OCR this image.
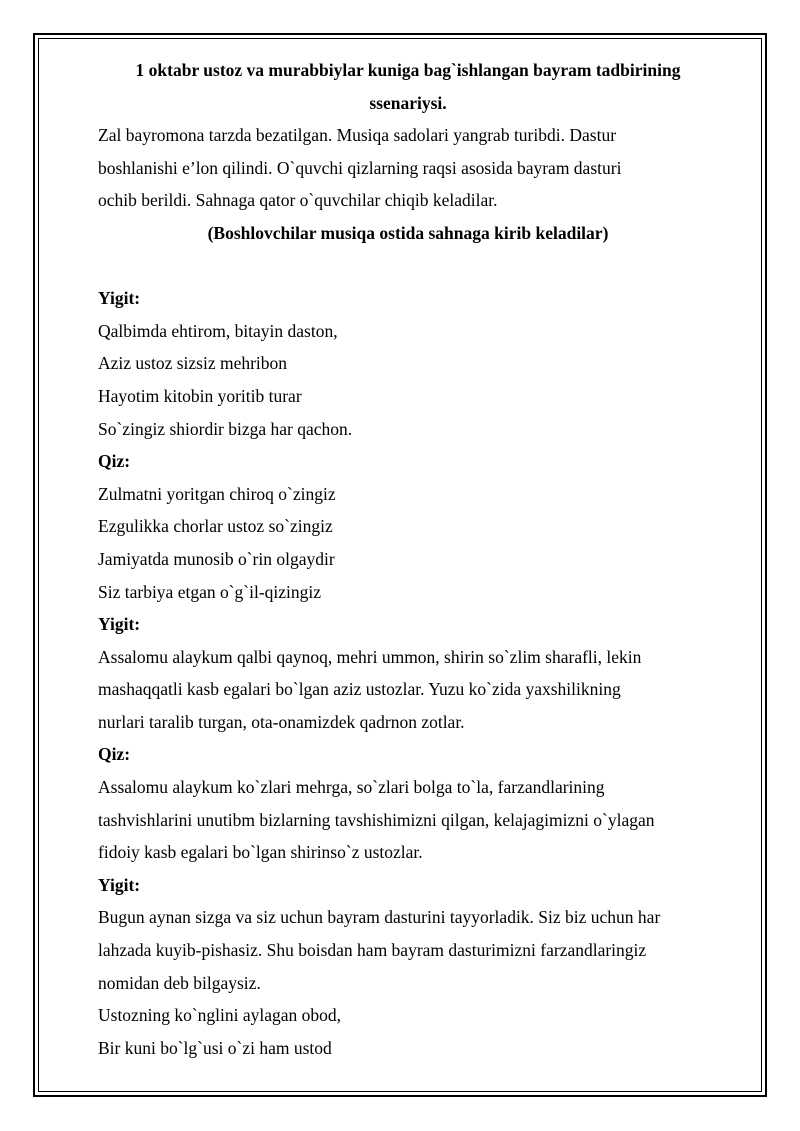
1 oktabr ustoz va murabbiylar kuniga bag`ishlangan bayram tadbirining

ssenariysi.

Zal bayromona tarzda bezatilgan. Musiqa sadolari yangrab turibdi. Dastur

boshlanishi e’lon qilindi. O`quvchi qizlarning raqsi asosida bayram dasturi

ochib berildi. Sahnaga qator o`quvchilar chiqib keladilar.

(Boshlovchilar musiqa ostida sahnaga kirib keladilar)

Yigit:

Qalbimda ehtirom, bitayin daston,

Aziz ustoz sizsiz mehribon

Hayotim kitobin yoritib turar

So`zingiz shiordir bizga har qachon.

Qiz:

Zulmatni yoritgan chiroq o`zingiz

Ezgulikka chorlar ustoz so`zingiz

Jamiyatda munosib o`rin olgaydir

Siz tarbiya etgan o`g`il-qizingiz

Yigit:

Assalomu alaykum qalbi qaynoq, mehri ummon, shirin so`zlim sharafli, lekin

mashaqqatli kasb egalari bo`lgan aziz ustozlar. Yuzu ko`zida yaxshilikning

nurlari taralib turgan, ota-onamizdek qadrnon zotlar.

Qiz:

Assalomu alaykum ko`zlari mehrga, so`zlari bolga to`la, farzandlarining

tashvishlarini unutibm bizlarning tavshishimizni qilgan, kelajagimizni o`ylagan

fidoiy kasb egalari bo`lgan shirinso`z ustozlar.

Yigit:

Bugun aynan sizga va siz uchun bayram dasturini tayyorladik. Siz biz uchun har

lahzada kuyib-pishasiz. Shu boisdan ham bayram dasturimizni farzandlaringiz

nomidan deb bilgaysiz.

Ustozning ko`nglini aylagan obod,

Bir kuni bo`lg`usi o`zi ham ustod
